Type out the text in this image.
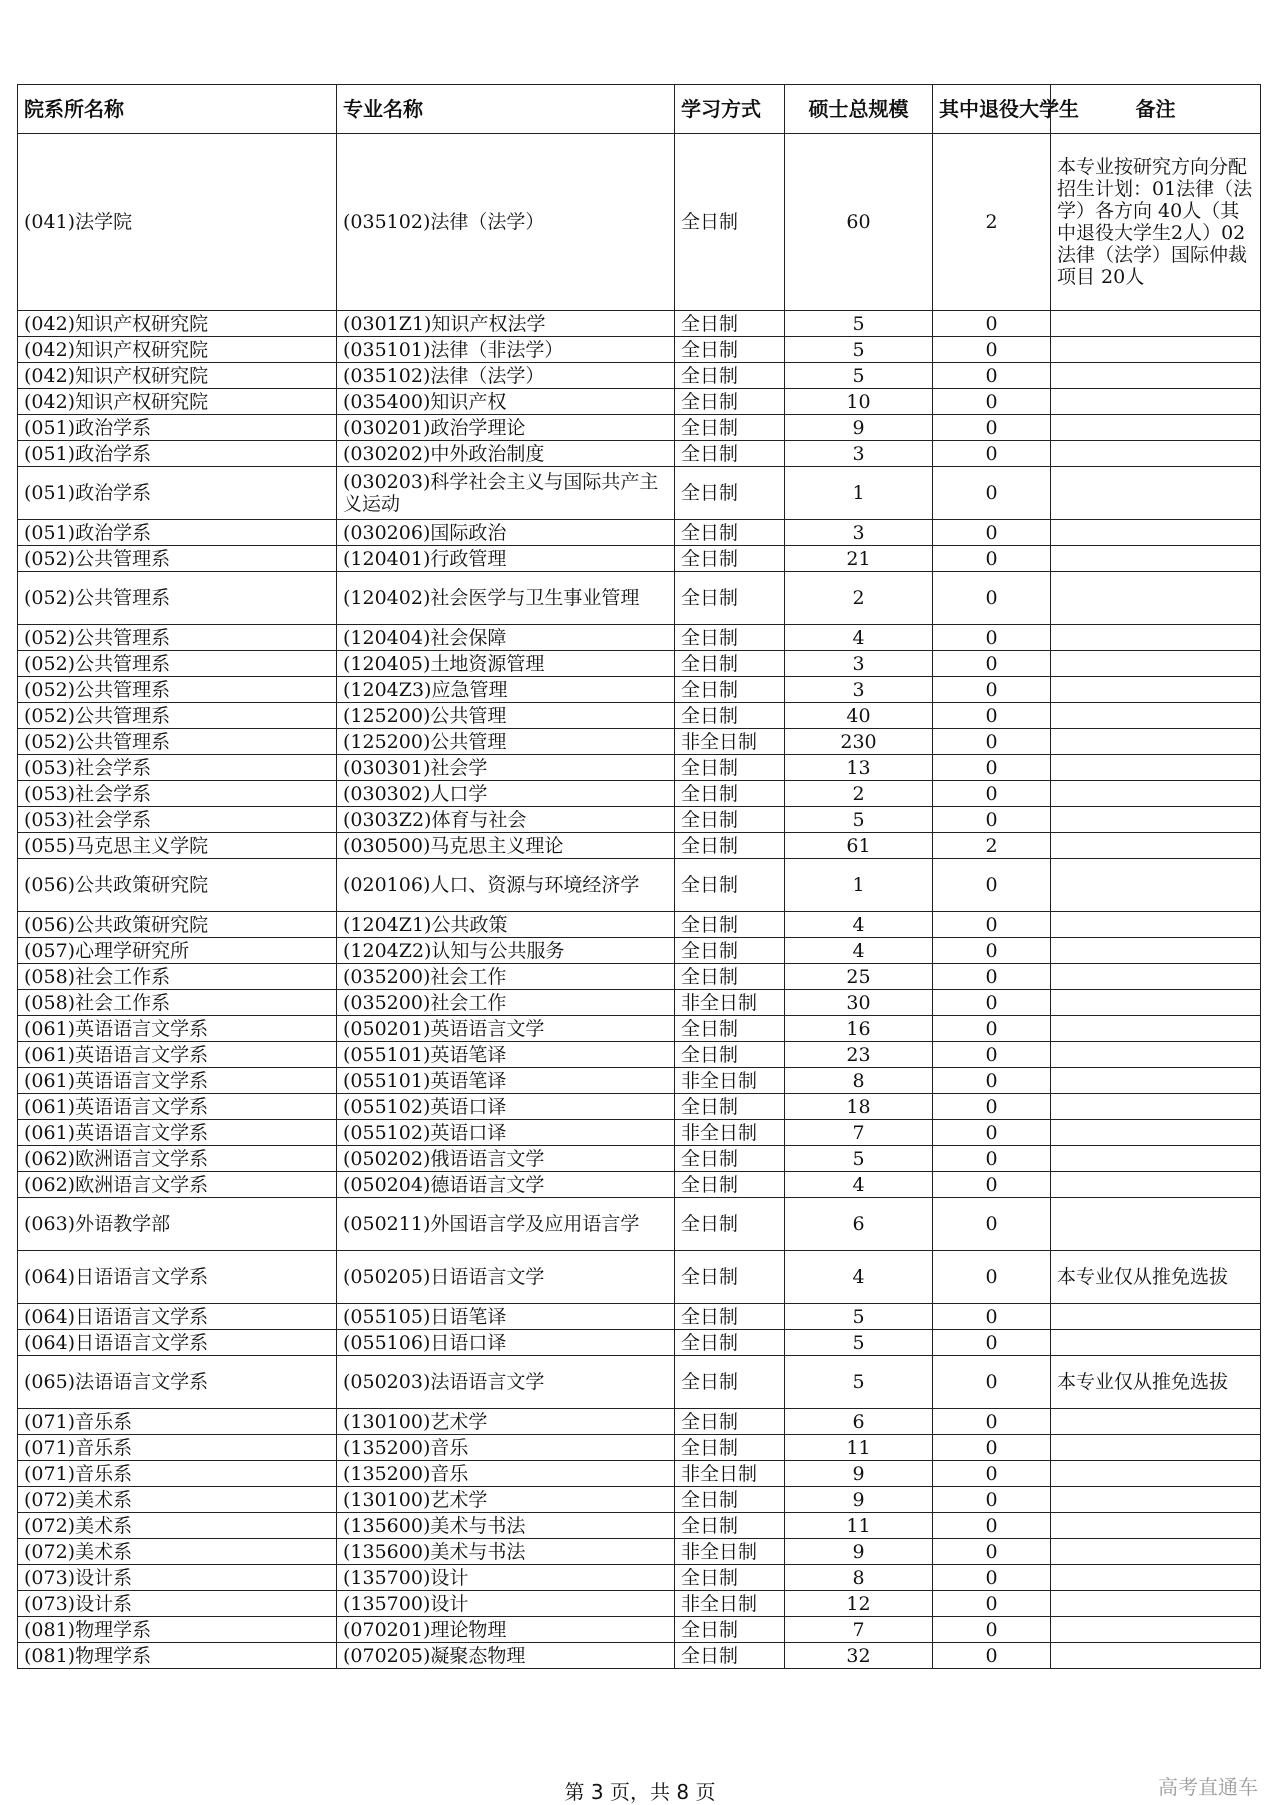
院系所名称	专业名称	学习方式	硕士总规模	其中退役大学生	备注

(041)法学院	(035102)法律（法学）	全日制	60	2	本专业按研究方向分配招生计划：01法律（法学）各方向 40人（其中退役大学生2人）02法律（法学）国际仲裁项目 20人

(042)知识产权研究院	(0301Z1)知识产权法学	全日制	5	0	

(042)知识产权研究院	(035101)法律（非法学）	全日制	5	0	

(042)知识产权研究院	(035102)法律（法学）	全日制	5	0	

(042)知识产权研究院	(035400)知识产权	全日制	10	0	

(051)政治学系	(030201)政治学理论	全日制	9	0	

(051)政治学系	(030202)中外政治制度	全日制	3	0	

(051)政治学系	(030203)科学社会主义与国际共产主义运动	全日制	1	0	

(051)政治学系	(030206)国际政治	全日制	3	0	

(052)公共管理系	(120401)行政管理	全日制	21	0	

(052)公共管理系	(120402)社会医学与卫生事业管理	全日制	2	0	

(052)公共管理系	(120404)社会保障	全日制	4	0	

(052)公共管理系	(120405)土地资源管理	全日制	3	0	

(052)公共管理系	(1204Z3)应急管理	全日制	3	0	

(052)公共管理系	(125200)公共管理	全日制	40	0	

(052)公共管理系	(125200)公共管理	非全日制	230	0	

(053)社会学系	(030301)社会学	全日制	13	0	

(053)社会学系	(030302)人口学	全日制	2	0	

(053)社会学系	(0303Z2)体育与社会	全日制	5	0	

(055)马克思主义学院	(030500)马克思主义理论	全日制	61	2	

(056)公共政策研究院	(020106)人口、资源与环境经济学	全日制	1	0	

(056)公共政策研究院	(1204Z1)公共政策	全日制	4	0	

(057)心理学研究所	(1204Z2)认知与公共服务	全日制	4	0	

(058)社会工作系	(035200)社会工作	全日制	25	0	

(058)社会工作系	(035200)社会工作	非全日制	30	0	

(061)英语语言文学系	(050201)英语语言文学	全日制	16	0	

(061)英语语言文学系	(055101)英语笔译	全日制	23	0	

(061)英语语言文学系	(055101)英语笔译	非全日制	8	0	

(061)英语语言文学系	(055102)英语口译	全日制	18	0	

(061)英语语言文学系	(055102)英语口译	非全日制	7	0	

(062)欧洲语言文学系	(050202)俄语语言文学	全日制	5	0	

(062)欧洲语言文学系	(050204)德语语言文学	全日制	4	0	

(063)外语教学部	(050211)外国语言学及应用语言学	全日制	6	0	

(064)日语语言文学系	(050205)日语语言文学	全日制	4	0	本专业仅从推免选拔

(064)日语语言文学系	(055105)日语笔译	全日制	5	0	

(064)日语语言文学系	(055106)日语口译	全日制	5	0	

(065)法语语言文学系	(050203)法语语言文学	全日制	5	0	本专业仅从推免选拔

(071)音乐系	(130100)艺术学	全日制	6	0	

(071)音乐系	(135200)音乐	全日制	11	0	

(071)音乐系	(135200)音乐	非全日制	9	0	

(072)美术系	(130100)艺术学	全日制	9	0	

(072)美术系	(135600)美术与书法	全日制	11	0	

(072)美术系	(135600)美术与书法	非全日制	9	0	

(073)设计系	(135700)设计	全日制	8	0	

(073)设计系	(135700)设计	非全日制	12	0	

(081)物理学系	(070201)理论物理	全日制	7	0	

(081)物理学系	(070205)凝聚态物理	全日制	32	0	

第 3 页，共 8 页	高考直通车
